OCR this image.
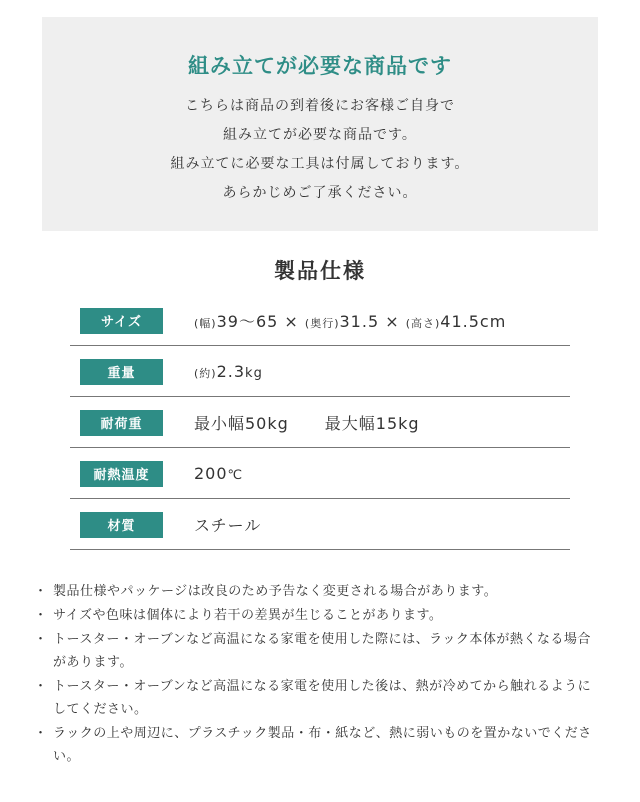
組み立てが必要な商品です
こちらは商品の到着後にお客様ご自身で
組み立てが必要な商品です。
組み立てに必要な工具は付属しております。
あらかじめご了承ください。
製品仕様
サイズ	(幅)39〜65 × (奥行)31.5 × (高さ)41.5cm
重量	(約)2.3kg
耐荷重	最小幅50kg 最大幅15kg
耐熱温度	200℃
材質	スチール
・ 製品仕様やパッケージは改良のため予告なく変更される場合があります。
・ サイズや色味は個体により若干の差異が生じることがあります。
・ トースター・オーブンなど高温になる家電を使用した際には、ラック本体が熱くなる場合があります。
・ トースター・オーブンなど高温になる家電を使用した後は、熱が冷めてから触れるようにしてください。
・ ラックの上や周辺に、プラスチック製品・布・紙など、熱に弱いものを置かないでください。
